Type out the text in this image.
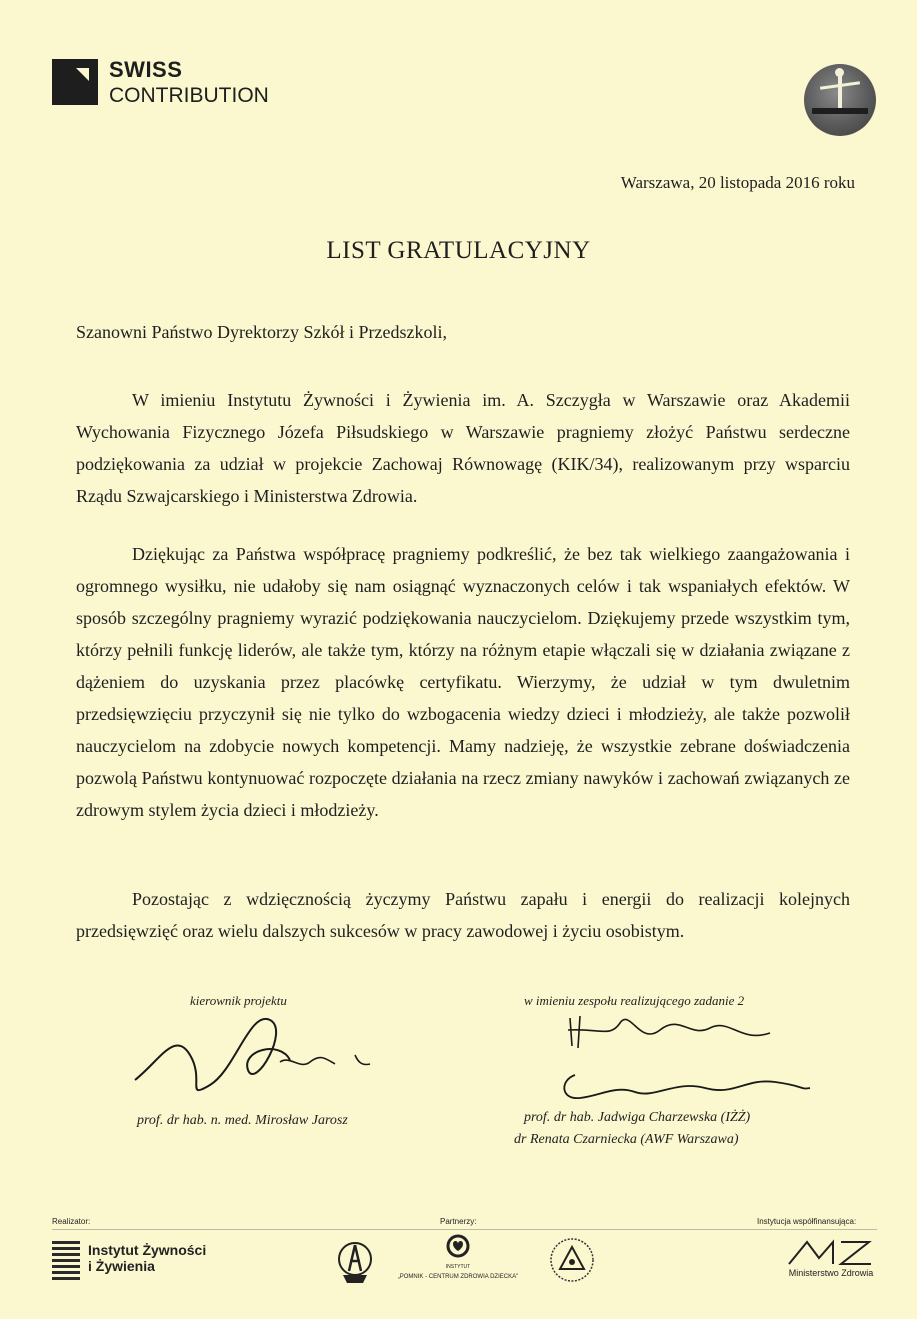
SWISS
CONTRIBUTION
Warszawa, 20 listopada 2016 roku
LIST GRATULACYJNY
Szanowni Państwo Dyrektorzy Szkół i Przedszkoli,

W imieniu Instytutu Żywności i Żywienia im. A. Szczygła w Warszawie oraz Akademii Wychowania Fizycznego Józefa Piłsudskiego w Warszawie pragniemy złożyć Państwu serdeczne podziękowania za udział w projekcie Zachowaj Równowagę (KIK/34), realizowanym przy wsparciu Rządu Szwajcarskiego i Ministerstwa Zdrowia.

Dziękując za Państwa współpracę pragniemy podkreślić, że bez tak wielkiego zaangażowania i ogromnego wysiłku, nie udałoby się nam osiągnąć wyznaczonych celów i tak wspaniałych efektów. W sposób szczególny pragniemy wyrazić podziękowania nauczycielom. Dziękujemy przede wszystkim tym, którzy pełnili funkcję liderów, ale także tym, którzy na różnym etapie włączali się w działania związane z dążeniem do uzyskania przez placówkę certyfikatu. Wierzymy, że udział w tym dwuletnim przedsięwzięciu przyczynił się nie tylko do wzbogacenia wiedzy dzieci i młodzieży, ale także pozwolił nauczycielom na zdobycie nowych kompetencji. Mamy nadzieję, że wszystkie zebrane doświadczenia pozwolą Państwu kontynuować rozpoczęte działania na rzecz zmiany nawyków i zachowań związanych ze zdrowym stylem życia dzieci i młodzieży.

Pozostając z wdzięcznością życzymy Państwu zapału i energii do realizacji kolejnych przedsięwzięć oraz wielu dalszych sukcesów w pracy zawodowej i życiu osobistym.

kierownik projektu	w imieniu zespołu realizującego zadanie 2
prof. dr hab. n. med. Mirosław Jarosz	prof. dr hab. Jadwiga Charzewska (IŻŻ)
dr Renata Czarniecka (AWF Warszawa)
Realizator:	Partnerzy:	Instytucja współfinansująca:
Instytut Żywności
i Żywienia	INSTYTUT
„POMNIK - CENTRUM ZDROWIA DZIECKA"	Ministerstwo Zdrowia
